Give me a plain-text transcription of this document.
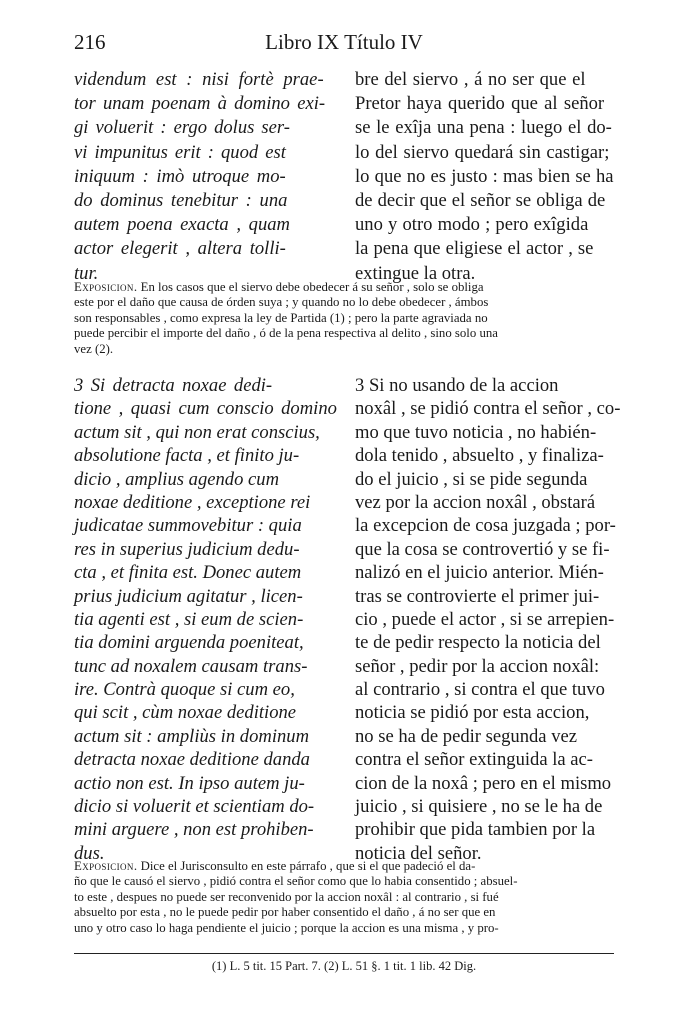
216	Libro IX Título IV
videndum est : nisi fortè prae-
tor unam poenam à domino exi-
gi voluerit : ergo dolus ser-
vi impunitus erit : quod est
iniquum : imò utroque mo-
do dominus tenebitur : una
autem poena exacta , quam
actor elegerit , altera tolli-
tur.
bre del siervo , á no ser que el
Pretor haya querido que al señor
se le exîja una pena : luego el do-
lo del siervo quedará sin castigar;
lo que no es justo : mas bien se ha
de decir que el señor se obliga de
uno y otro modo ; pero exîgida
la pena que eligiese el actor , se
extingue la otra.
Exposicion. En los casos que el siervo debe obedecer á su señor , solo se obliga
este por el daño que causa de órden suya ; y quando no lo debe obedecer , ámbos
son responsables , como expresa la ley de Partida (1) ; pero la parte agraviada no
puede percibir el importe del daño , ó de la pena respectiva al delito , sino solo una
vez (2).
3 Si detracta noxae dedi-
tione , quasi cum conscio domino
actum sit , qui non erat conscius,
absolutione facta , et finito ju-
dicio , amplius agendo cum
noxae deditione , exceptione rei
judicatae summovebitur : quia
res in superius judicium dedu-
cta , et finita est. Donec autem
prius judicium agitatur , licen-
tia agenti est , si eum de scien-
tia domini arguenda poeniteat,
tunc ad noxalem causam trans-
ire. Contrà quoque si cum eo,
qui scit , cùm noxae deditione
actum sit : ampliùs in dominum
detracta noxae deditione danda
actio non est. In ipso autem ju-
dicio si voluerit et scientiam do-
mini arguere , non est prohiben-
dus.
3 Si no usando de la accion
noxâl , se pidió contra el señor , co-
mo que tuvo noticia , no habién-
dola tenido , absuelto , y finaliza-
do el juicio , si se pide segunda
vez por la accion noxâl , obstará
la excepcion de cosa juzgada ; por-
que la cosa se controvertió y se fi-
nalizó en el juicio anterior. Mién-
tras se controvierte el primer jui-
cio , puede el actor , si se arrepien-
te de pedir respecto la noticia del
señor , pedir por la accion noxâl:
al contrario , si contra el que tuvo
noticia se pidió por esta accion,
no se ha de pedir segunda vez
contra el señor extinguida la ac-
cion de la noxâ ; pero en el mismo
juicio , si quisiere , no se le ha de
prohibir que pida tambien por la
noticia del señor.
Exposicion. Dice el Jurisconsulto en este párrafo , que si el que padeció el da-
ño que le causó el siervo , pidió contra el señor como que lo habia consentido ; absuel-
to este , despues no puede ser reconvenido por la accion noxâl : al contrario , si fué
absuelto por esta , no le puede pedir por haber consentido el daño , á no ser que en
uno y otro caso lo haga pendiente el juicio ; porque la accion es una misma , y pro-
(1) L. 5 tit. 15 Part. 7. (2) L. 51 §. 1 tit. 1 lib. 42 Dig.
